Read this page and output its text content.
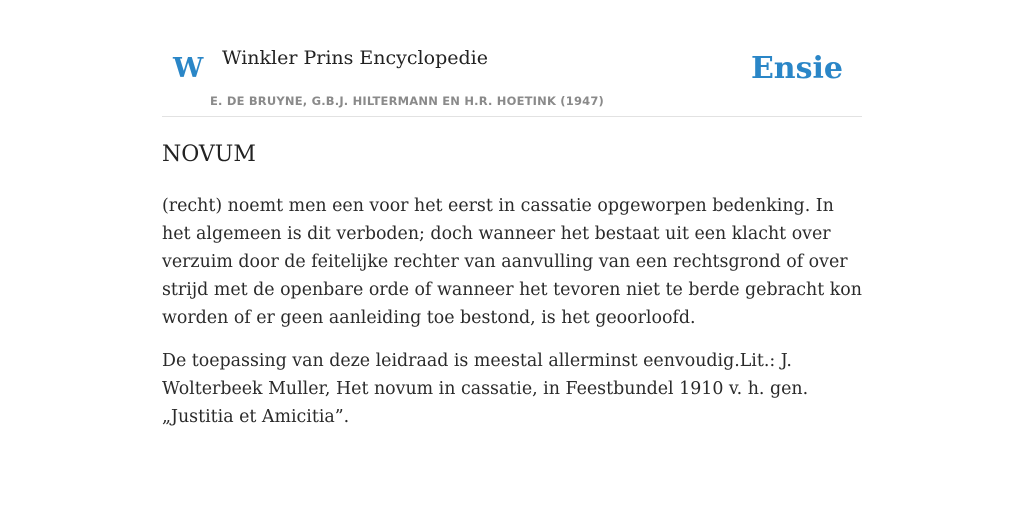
W Winkler Prins Encyclopedie
E. DE BRUYNE, G.B.J. HILTERMANN EN H.R. HOETINK (1947)
Ensie
NOVUM

(recht) noemt men een voor het eerst in cassatie opgeworpen bedenking. In het algemeen is dit verboden; doch wanneer het bestaat uit een klacht over verzuim door de feitelijke rechter van aanvulling van een rechtsgrond of over strijd met de openbare orde of wanneer het tevoren niet te berde gebracht kon worden of er geen aanleiding toe bestond, is het geoorloofd.

De toepassing van deze leidraad is meestal allerminst eenvoudig.Lit.: J. Wolterbeek Muller, Het novum in cassatie, in Feestbundel 1910 v. h. gen. „Justitia et Amicitia”.
